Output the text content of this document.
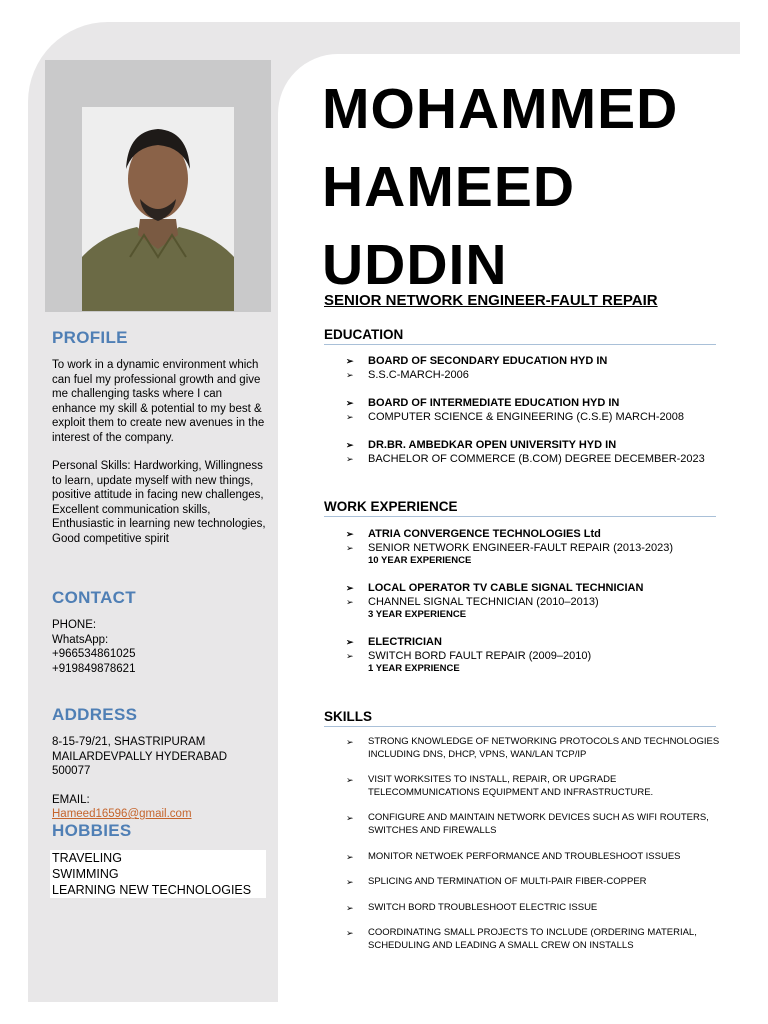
PROFILE

To work in a dynamic environment which can fuel my professional growth and give me challenging tasks where I can enhance my skill & potential to my best & exploit them to create new avenues in the interest of the company.

Personal Skills: Hardworking, Willingness to learn, update myself with new things, positive attitude in facing new challenges, Excellent communication skills, Enthusiastic in learning new technologies, Good competitive spirit

CONTACT
PHONE:
WhatsApp:
+966534861025
+919849878621
ADDRESS
8-15-79/21, SHASTRIPURAM
MAILARDEVPALLY HYDERABAD 500077
EMAIL:
Hameed16596@gmail.com
HOBBIES
TRAVELING
SWIMMING
LEARNING NEW TECHNOLOGIES
MOHAMMED
HAMEED
UDDIN
SENIOR NETWORK ENGINEER-FAULT REPAIR
EDUCATION
➢ BOARD OF SECONDARY EDUCATION HYD IN
➢ S.S.C-MARCH-2006
➢ BOARD OF INTERMEDIATE EDUCATION HYD IN
➢ COMPUTER SCIENCE & ENGINEERING (C.S.E) MARCH-2008
➢ DR.BR. AMBEDKAR OPEN UNIVERSITY HYD IN
➢ BACHELOR OF COMMERCE (B.COM) DEGREE DECEMBER-2023
WORK EXPERIENCE
➢ ATRIA CONVERGENCE TECHNOLOGIES Ltd
➢ SENIOR NETWORK ENGINEER-FAULT REPAIR (2013-2023)
10 YEAR EXPERIENCE
➢ LOCAL OPERATOR TV CABLE SIGNAL TECHNICIAN
➢ CHANNEL SIGNAL TECHNICIAN (2010–2013)
3 YEAR EXPERIENCE
➢ ELECTRICIAN
➢ SWITCH BORD FAULT REPAIR (2009–2010)
1 YEAR EXPRIENCE
SKILLS
➢ STRONG KNOWLEDGE OF NETWORKING PROTOCOLS AND TECHNOLOGIES INCLUDING DNS, DHCP, VPNS, WAN/LAN TCP/IP
➢ VISIT WORKSITES TO INSTALL, REPAIR, OR UPGRADE TELECOMMUNICATIONS EQUIPMENT AND INFRASTRUCTURE.
➢ CONFIGURE AND MAINTAIN NETWORK DEVICES SUCH AS WIFI ROUTERS, SWITCHES AND FIREWALLS
➢ MONITOR NETWOEK PERFORMANCE AND TROUBLESHOOT ISSUES
➢ SPLICING AND TERMINATION OF MULTI-PAIR FIBER-COPPER
➢ SWITCH BORD TROUBLESHOOT ELECTRIC ISSUE
➢ COORDINATING SMALL PROJECTS TO INCLUDE (ORDERING MATERIAL, SCHEDULING AND LEADING A SMALL CREW ON INSTALLS
